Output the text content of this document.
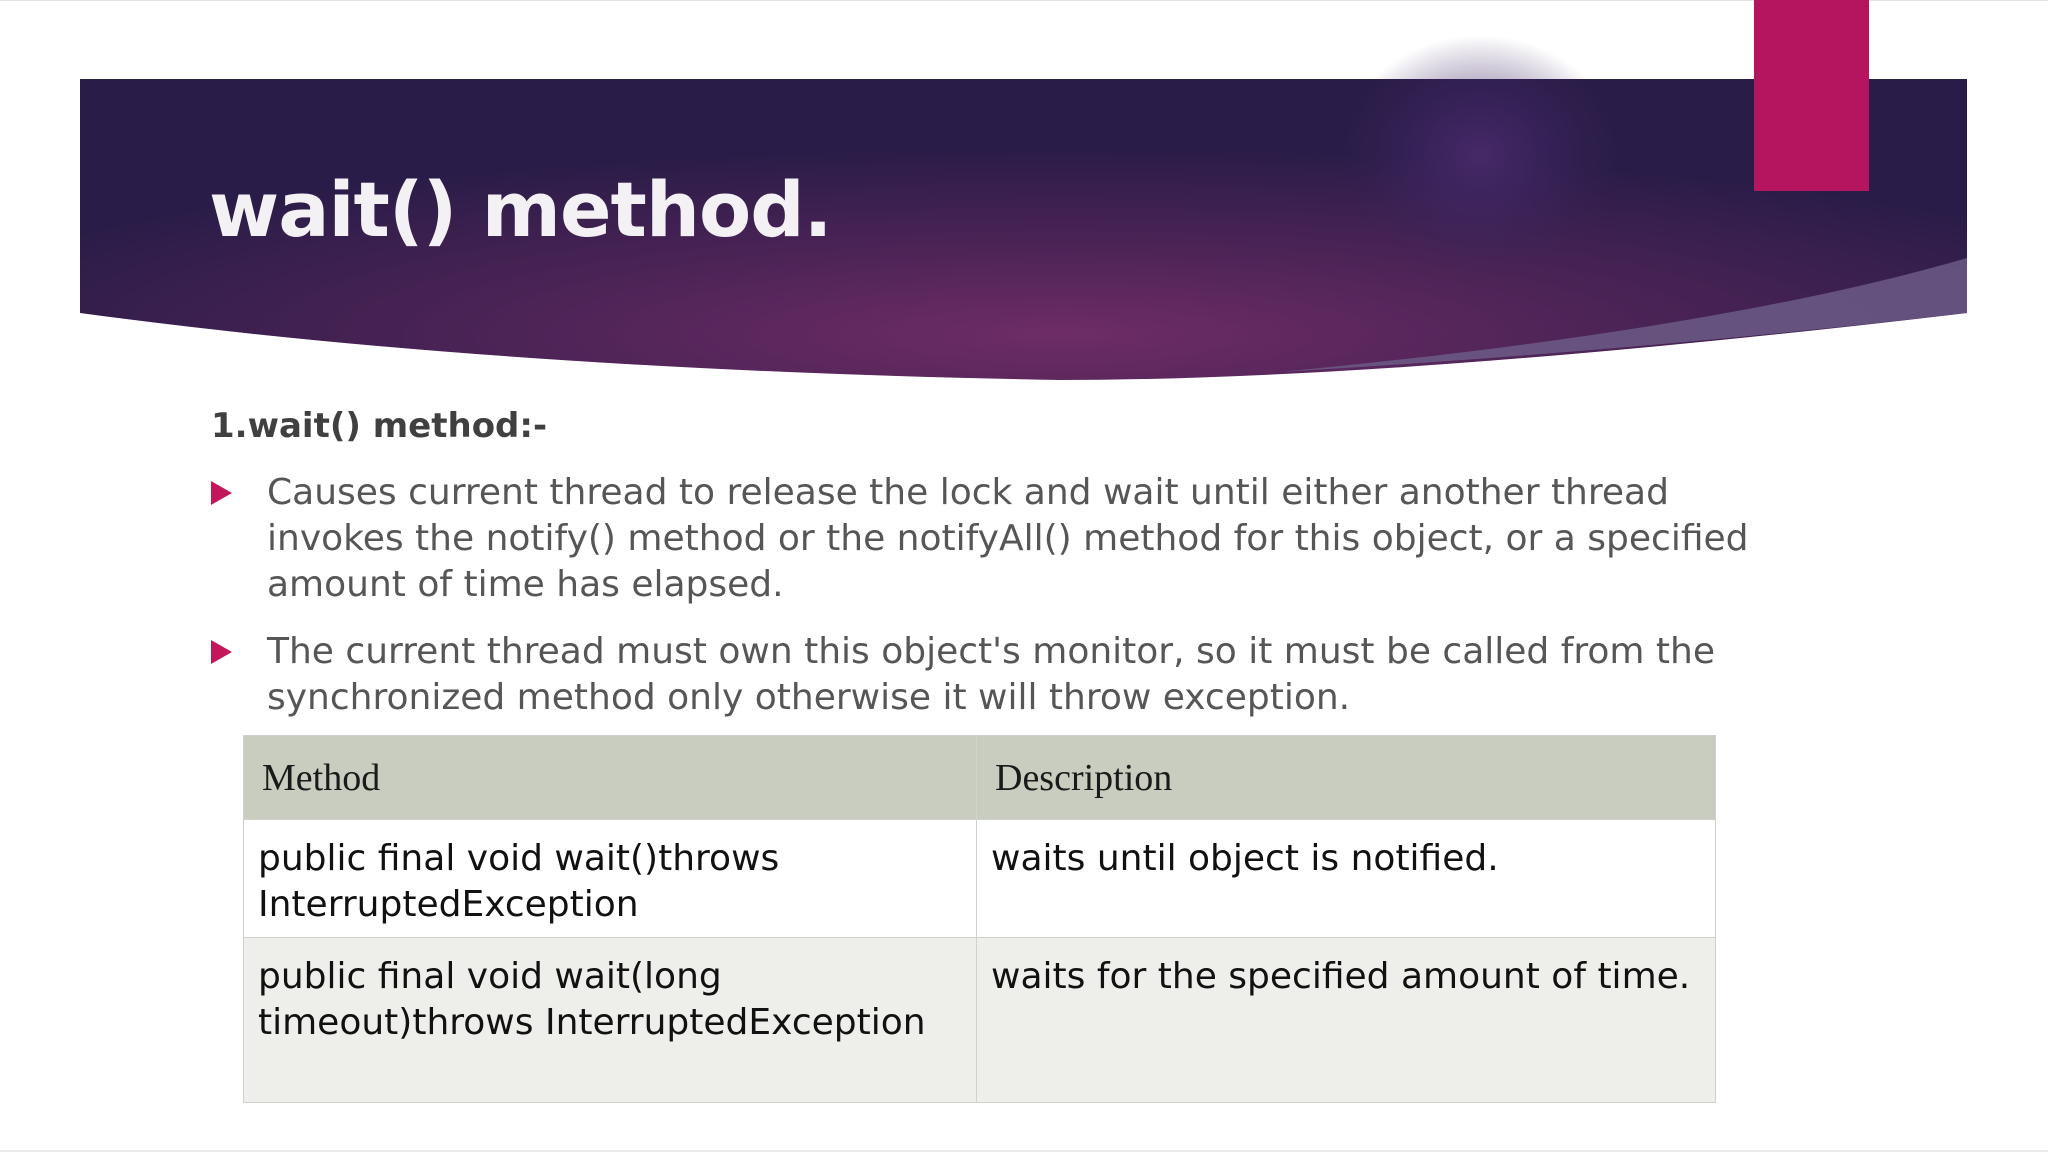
wait() method.
1.wait() method:-
Causes current thread to release the lock and wait until either another thread invokes the notify() method or the notifyAll() method for this object, or a specified amount of time has elapsed.
The current thread must own this object's monitor, so it must be called from the synchronized method only otherwise it will throw exception.
Method	Description
public final void wait()throws InterruptedException	waits until object is notified.
public final void wait(long timeout)throws InterruptedException	waits for the specified amount of time.
